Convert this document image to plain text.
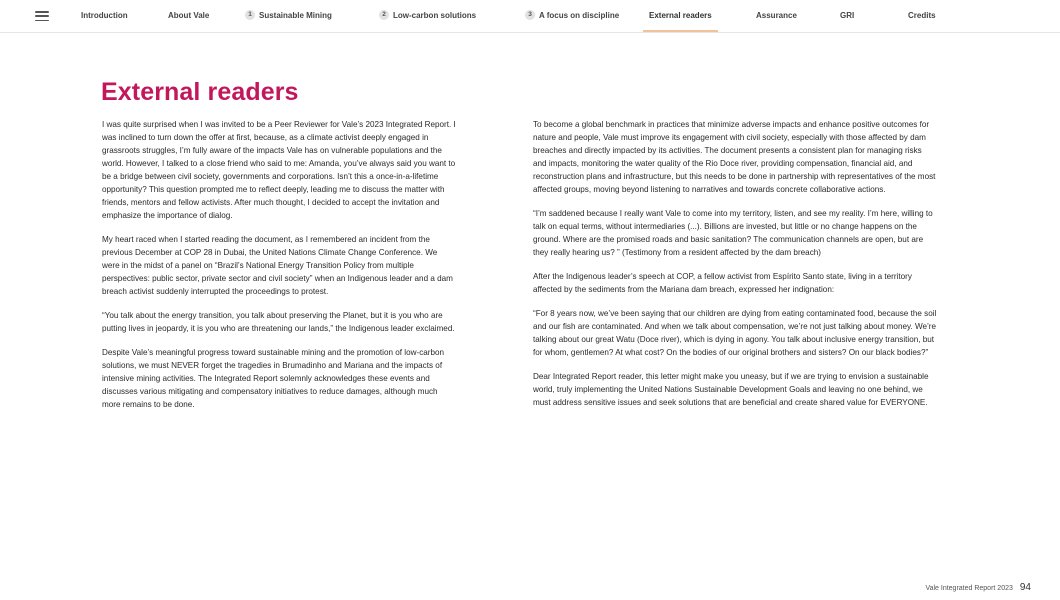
Introduction	About Vale	1 Sustainable Mining	2 Low-carbon solutions	3 A focus on discipline	External readers	Assurance	GRI	Credits
External readers

I was quite surprised when I was invited to be a Peer Reviewer for Vale’s 2023 Integrated Report. I was inclined to turn down the offer at first, because, as a climate activist deeply engaged in grassroots struggles, I’m fully aware of the impacts Vale has on vulnerable populations and the world. However, I talked to a close friend who said to me: Amanda, you’ve always said you want to be a bridge between civil society, governments and corporations. Isn’t this a once-in-a-lifetime opportunity? This question prompted me to reflect deeply, leading me to discuss the matter with friends, mentors and fellow activists. After much thought, I decided to accept the invitation and emphasize the importance of dialog.

My heart raced when I started reading the document, as I remembered an incident from the previous December at COP 28 in Dubai, the United Nations Climate Change Conference. We were in the midst of a panel on “Brazil’s National Energy Transition Policy from multiple perspectives: public sector, private sector and civil society” when an Indigenous leader and a dam breach activist suddenly interrupted the proceedings to protest.

“You talk about the energy transition, you talk about preserving the Planet, but it is you who are putting lives in jeopardy, it is you who are threatening our lands,” the Indigenous leader exclaimed.

Despite Vale’s meaningful progress toward sustainable mining and the promotion of low-carbon solutions, we must NEVER forget the tragedies in Brumadinho and Mariana and the impacts of intensive mining activities. The Integrated Report solemnly acknowledges these events and discusses various mitigating and compensatory initiatives to reduce damages, although much more remains to be done.

To become a global benchmark in practices that minimize adverse impacts and enhance positive outcomes for nature and people, Vale must improve its engagement with civil society, especially with those affected by dam breaches and directly impacted by its activities. The document presents a consistent plan for managing risks and impacts, monitoring the water quality of the Rio Doce river, providing compensation, financial aid, and reconstruction plans and infrastructure, but this needs to be done in partnership with representatives of the most affected groups, moving beyond listening to narratives and towards concrete collaborative actions.

“I’m saddened because I really want Vale to come into my territory, listen, and see my reality. I’m here, willing to talk on equal terms, without intermediaries (...). Billions are invested, but little or no change happens on the ground. Where are the promised roads and basic sanitation? The communication channels are open, but are they really hearing us? ” (Testimony from a resident affected by the dam breach)

After the Indigenous leader’s speech at COP, a fellow activist from Espírito Santo state, living in a territory affected by the sediments from the Mariana dam breach, expressed her indignation:

“For 8 years now, we’ve been saying that our children are dying from eating contaminated food, because the soil and our fish are contaminated. And when we talk about compensation, we’re not just talking about money. We’re talking about our great Watu (Doce river), which is dying in agony. You talk about inclusive energy transition, but for whom, gentlemen? At what cost? On the bodies of our original brothers and sisters? On our black bodies?”

Dear Integrated Report reader, this letter might make you uneasy, but if we are trying to envision a sustainable world, truly implementing the United Nations Sustainable Development Goals and leaving no one behind, we must address sensitive issues and seek solutions that are beneficial and create shared value for EVERYONE.

Vale Integrated Report 2023 94
